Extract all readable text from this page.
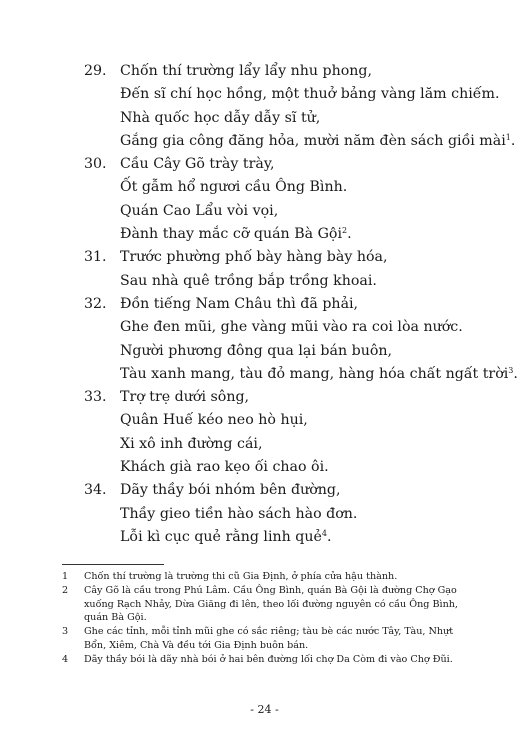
29. Chốn thí trường lẩy lẩy nhu phong,
Đến sĩ chí học hồng, một thuở bảng vàng lăm chiếm.
Nhà quốc học dẫy dẫy sĩ tử,
Gắng gia công đăng hỏa, mười năm đèn sách giồi mài$^1$.
30. Cầu Cây Gõ trày trày,
Ốt gẫm hổ ngươi cầu Ông Bình.
Quán Cao Lẩu vòi vọi,
Đành thay mắc cỡ quán Bà Gội$^2$.
31. Trước phường phố bày hàng bày hóa,
Sau nhà quê trồng bắp trồng khoai.
32. Đồn tiếng Nam Châu thì đã phải,
Ghe đen mũi, ghe vàng mũi vào ra coi lòa nước.
Người phương đông qua lại bán buôn,
Tàu xanh mang, tàu đỏ mang, hàng hóa chất ngất trời$^3$.
33. Trợ trẹ dưới sông,
Quân Huế kéo neo hò hụi,
Xi xô inh đường cái,
Khách già rao kẹo ối chao ôi.
34. Dãy thầy bói nhóm bên đường,
Thầy gieo tiền hào sách hào đơn.
Lỗi kì cục quẻ rằng linh quẻ$^4$.
1 Chốn thí trường là trường thi cũ Gia Định, ở phía cửa hậu thành.
2 Cây Gõ là cầu trong Phú Lâm. Cầu Ông Bình, quán Bà Gội là đường Chợ Gạo xuống Rạch Nhảy, Dừa Giăng đi lên, theo lối đường nguyên có cầu Ông Bình, quán Bà Gội.
3 Ghe các tỉnh, mỗi tỉnh mũi ghe có sắc riêng; tàu bè các nước Tây, Tàu, Nhựt Bổn, Xiêm, Chà Và đều tới Gia Định buôn bán.
4 Dãy thầy bói là dãy nhà bói ở hai bên đường lối chợ Da Còm đi vào Chợ Đũi.
- 24 -
